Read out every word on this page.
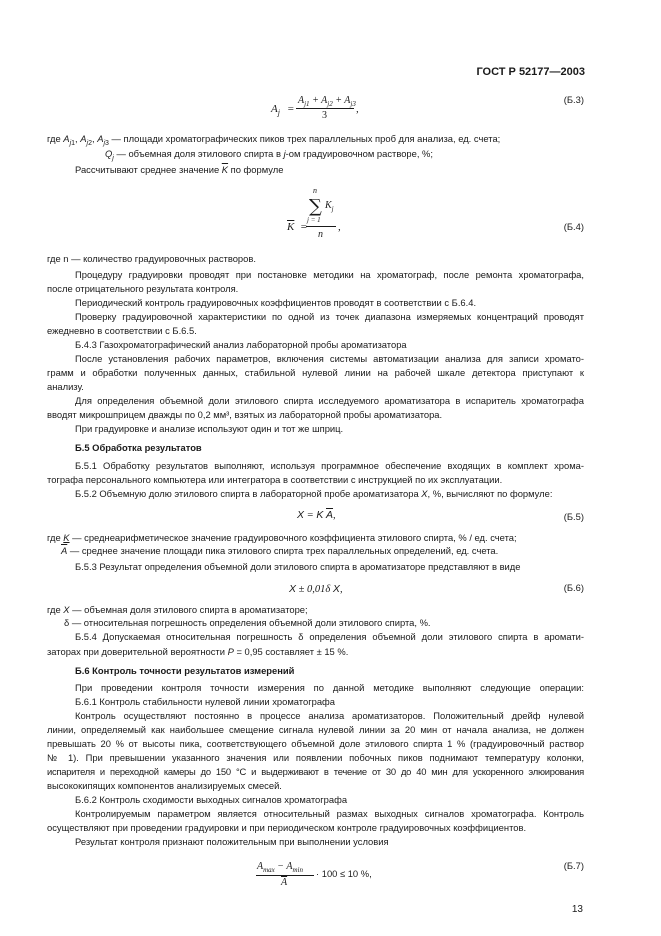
ГОСТ Р 52177—2003
$A_j$ =
$A_{j1} + A_{j2} + A_{j3}$
3
,
(Б.3)
где $A_{j1}$, $A_{j2}$, $A_{j3}$ — площади хроматографических пиков трех параллельных проб для анализа, ед. счета;
$Q_j$ — объемная доля этилового спирта в j-ом градуировочном растворе, %;
Рассчитывают среднее значение $\overline{K}$ по формуле
n
∑ $K_j$
j = 1
$\overline{K}$ =
n
,	(Б.4)
где n — количество градуировочных растворов.
Процедуру градуировки проводят при постановке методики на хроматограф, после ремонта хроматографа,
после отрицательного результата контроля.
Периодический контроль градуировочных коэффициентов проводят в соответствии с Б.6.4.
Проверку градуировочной характеристики по одной из точек диапазона измеряемых концентраций проводят
ежедневно в соответствии с Б.6.5.
Б.4.3 Газохроматографический анализ лабораторной пробы ароматизатора
После установления рабочих параметров, включения системы автоматизации анализа для записи хромато-
грамм и обработки полученных данных, стабильной нулевой линии на рабочей шкале детектора приступают к
анализу.
Для определения объемной доли этилового спирта исследуемого ароматизатора в испаритель хроматографа
вводят микрошприцем дважды по 0,2 мм³, взятых из лабораторной пробы ароматизатора.
При градуировке и анализе используют один и тот же шприц.
Б.5 Обработка результатов
Б.5.1 Обработку результатов выполняют, используя программное обеспечение входящих в комплект хрома-
тографа персонального компьютера или интегратора в соответствии с инструкцией по их эксплуатации.
Б.5.2 Объемную долю этилового спирта в лабораторной пробе ароматизатора X, %, вычисляют по формуле:
X = K $\overline{A}$,	(Б.5)
где K — среднеарифметическое значение градуировочного коэффициента этилового спирта, % / ед. счета;
$\overline{A}$ — среднее значение площади пика этилового спирта трех параллельных определений, ед. счета.
Б.5.3 Результат определения объемной доли этилового спирта в ароматизаторе представляют в виде
X ± 0,01δ X,	(Б.6)
где X — объемная доля этилового спирта в ароматизаторе;
δ — относительная погрешность определения объемной доли этилового спирта, %.
Б.5.4 Допускаемая относительная погрешность δ определения объемной доли этилового спирта в аромати-
заторах при доверительной вероятности P = 0,95 составляет ± 15 %.
Б.6 Контроль точности результатов измерений
При проведении контроля точности измерения по данной методике выполняют следующие операции:
Б.6.1 Контроль стабильности нулевой линии хроматографа
Контроль осуществляют постоянно в процессе анализа ароматизаторов. Положительный дрейф нулевой
линии, определяемый как наибольшее смещение сигнала нулевой линии за 20 мин от начала анализа, не должен
превышать 20 % от высоты пика, соответствующего объемной доле этилового спирта 1 % (градуировочный раствор
№ 1). При превышении указанного значения или появлении побочных пиков поднимают температуру колонки,
испарителя и переходной камеры до 150 °С и выдерживают в течение от 30 до 40 мин для ускоренного элюирования
высококипящих компонентов анализируемых смесей.
Б.6.2 Контроль сходимости выходных сигналов хроматографа
Контролируемым параметром является относительный размах выходных сигналов хроматографа. Контроль
осуществляют при проведении градуировки и при периодическом контроле градуировочных коэффициентов.
Результат контроля признают положительным при выполнении условия
$A_{max} - A_{min}$
$\overline{A}$
· 100 ≤ 10 %,
(Б.7)
13
